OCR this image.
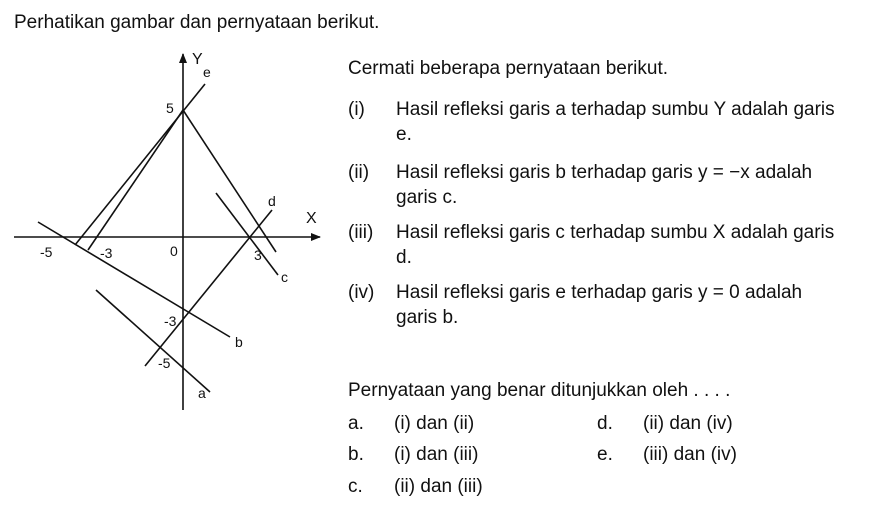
Perhatikan gambar dan pernyataan berikut.
X
Y
0
-5	-3	3
5
-3
-5
a
b
c
d
e	Cermati beberapa pernyataan berikut.
(i) Hasil refleksi garis a terhadap sumbu Y adalah garis e.
(ii) Hasil refleksi garis b terhadap garis y = −x adalah garis c.
(iii) Hasil refleksi garis c terhadap sumbu X adalah garis d.
(iv) Hasil refleksi garis e terhadap garis y = 0 adalah garis b.
Pernyataan yang benar ditunjukkan oleh . . . .
a. (i) dan (ii)
b. (i) dan (iii)
c. (ii) dan (iii)
d. (ii) dan (iv)
e. (iii) dan (iv)
